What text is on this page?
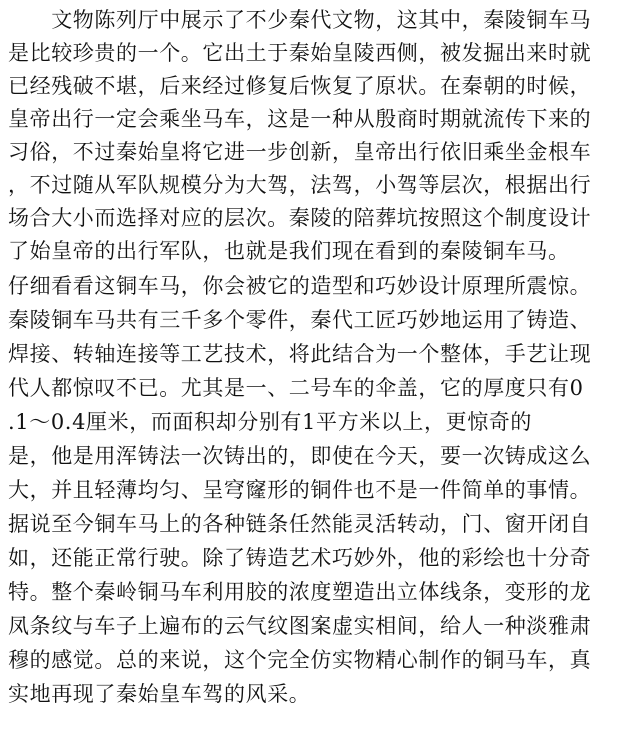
　　文物陈列厅中展示了不少秦代文物，这其中，秦陵铜车马
是比较珍贵的一个。它出土于秦始皇陵西侧，被发掘出来时就
已经残破不堪，后来经过修复后恢复了原状。在秦朝的时候，
皇帝出行一定会乘坐马车，这是一种从殷商时期就流传下来的
习俗，不过秦始皇将它进一步创新，皇帝出行依旧乘坐金根车
，不过随从军队规模分为大驾，法驾，小驾等层次，根据出行
场合大小而选择对应的层次。秦陵的陪葬坑按照这个制度设计
了始皇帝的出行军队，也就是我们现在看到的秦陵铜车马。
仔细看看这铜车马，你会被它的造型和巧妙设计原理所震惊。
秦陵铜车马共有三千多个零件，秦代工匠巧妙地运用了铸造、
焊接、转轴连接等工艺技术，将此结合为一个整体，手艺让现
代人都惊叹不已。尤其是一、二号车的伞盖，它的厚度只有0
.1～0.4厘米，而面积却分别有1平方米以上，更惊奇的
是，他是用浑铸法一次铸出的，即使在今天，要一次铸成这么
大，并且轻薄均匀、呈穹窿形的铜件也不是一件简单的事情。
据说至今铜车马上的各种链条任然能灵活转动，门、窗开闭自
如，还能正常行驶。除了铸造艺术巧妙外，他的彩绘也十分奇
特。整个秦岭铜马车利用胶的浓度塑造出立体线条，变形的龙
凤条纹与车子上遍布的云气纹图案虚实相间，给人一种淡雅肃
穆的感觉。总的来说，这个完全仿实物精心制作的铜马车，真
实地再现了秦始皇车驾的风采。
